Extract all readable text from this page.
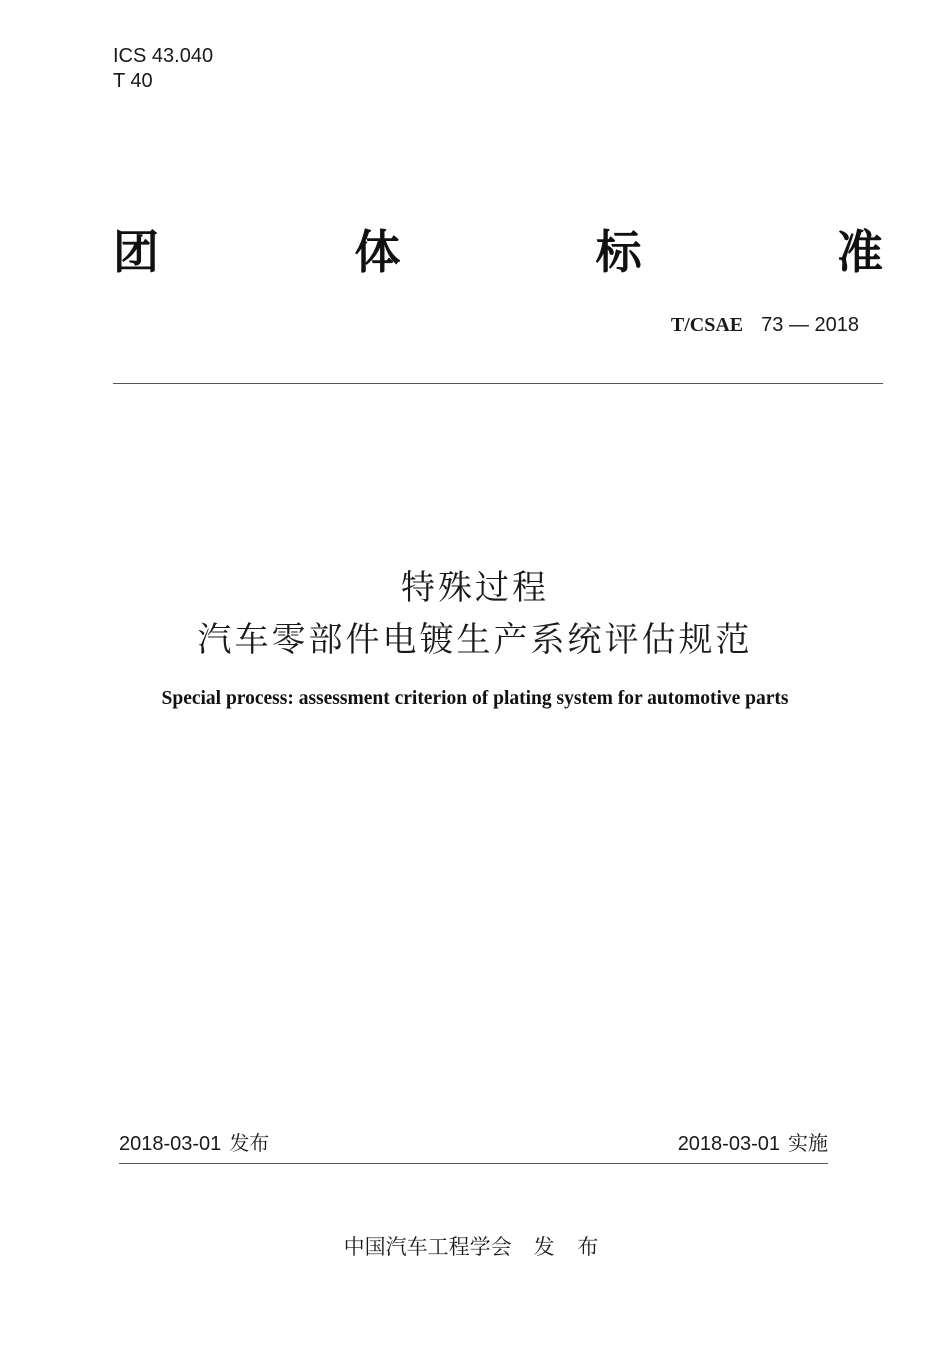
ICS 43.040
T 40
团	体	标	准
T/CSAE 73 — 2018
特殊过程
汽车零部件电镀生产系统评估规范
Special process: assessment criterion of plating system for automotive parts
2018-03-01 发布	2018-03-01 实施
中国汽车工程学会 发 布
